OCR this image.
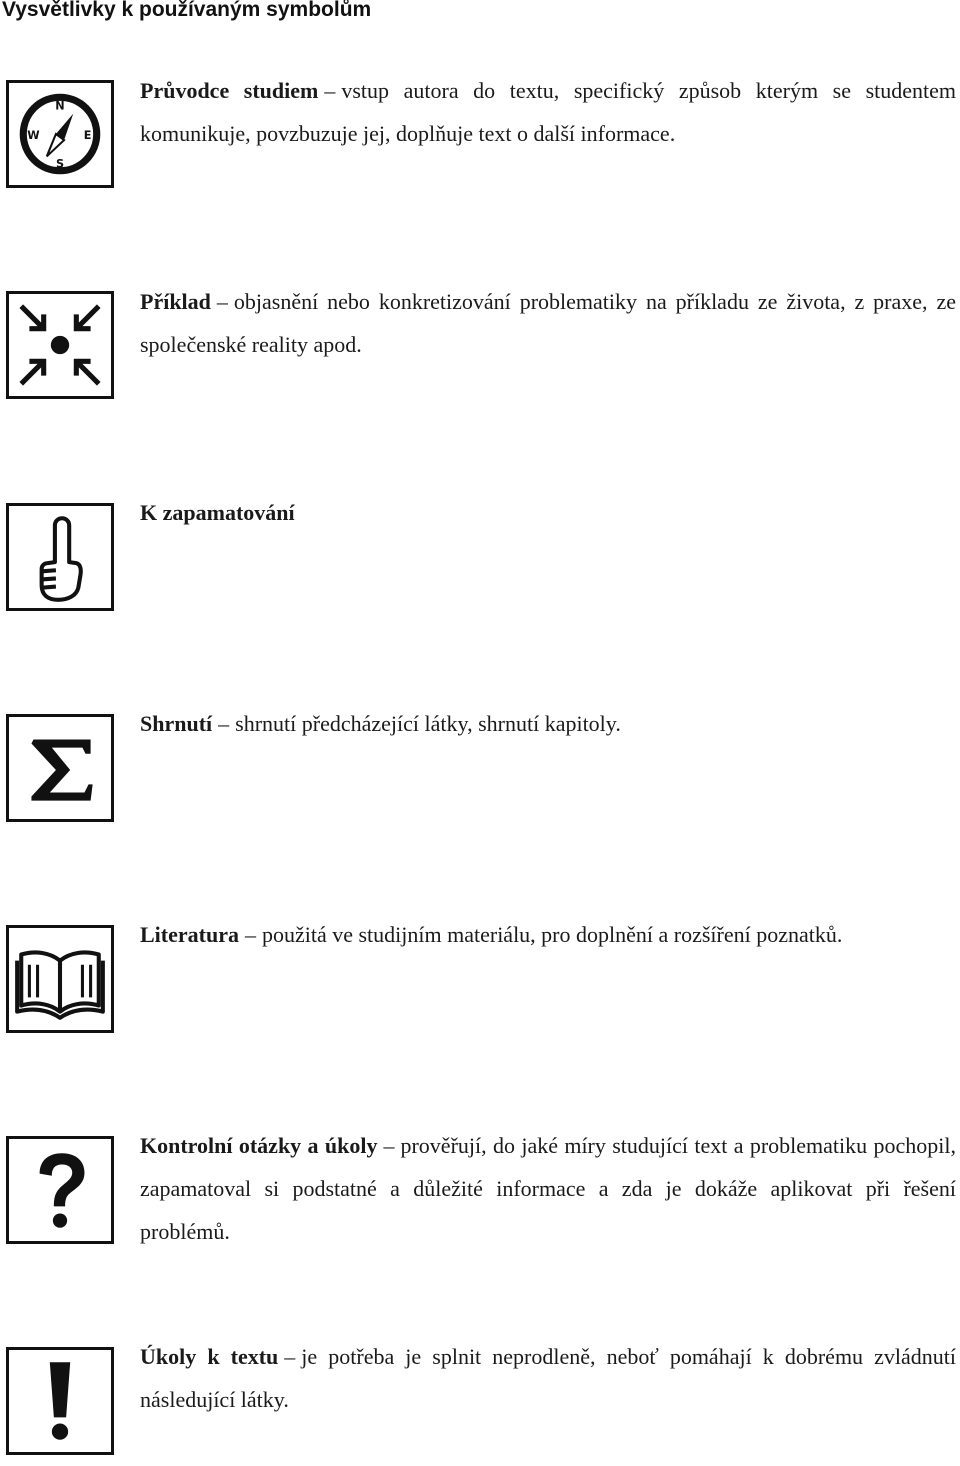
Vysvětlivky k používaným symbolům
N
S
W	E
Průvodce studiem – vstup autora do textu, specifický způsob kterým se studentem komunikuje, povzbuzuje jej, doplňuje text o další informace.
Příklad – objasnění nebo konkretizování problematiky na příkladu ze života, z praxe, ze společenské reality apod.
K zapamatování
Shrnutí – shrnutí předcházející látky, shrnutí kapitoly.
Literatura – použitá ve studijním materiálu, pro doplnění a rozšíření poznatků.
Kontrolní otázky a úkoly – prověřují, do jaké míry studující text a problematiku pochopil, zapamatoval si podstatné a důležité informace a zda je dokáže aplikovat při řešení problémů.
Úkoly k textu – je potřeba je splnit neprodleně, neboť pomáhají k dobrému zvládnutí následující látky.
